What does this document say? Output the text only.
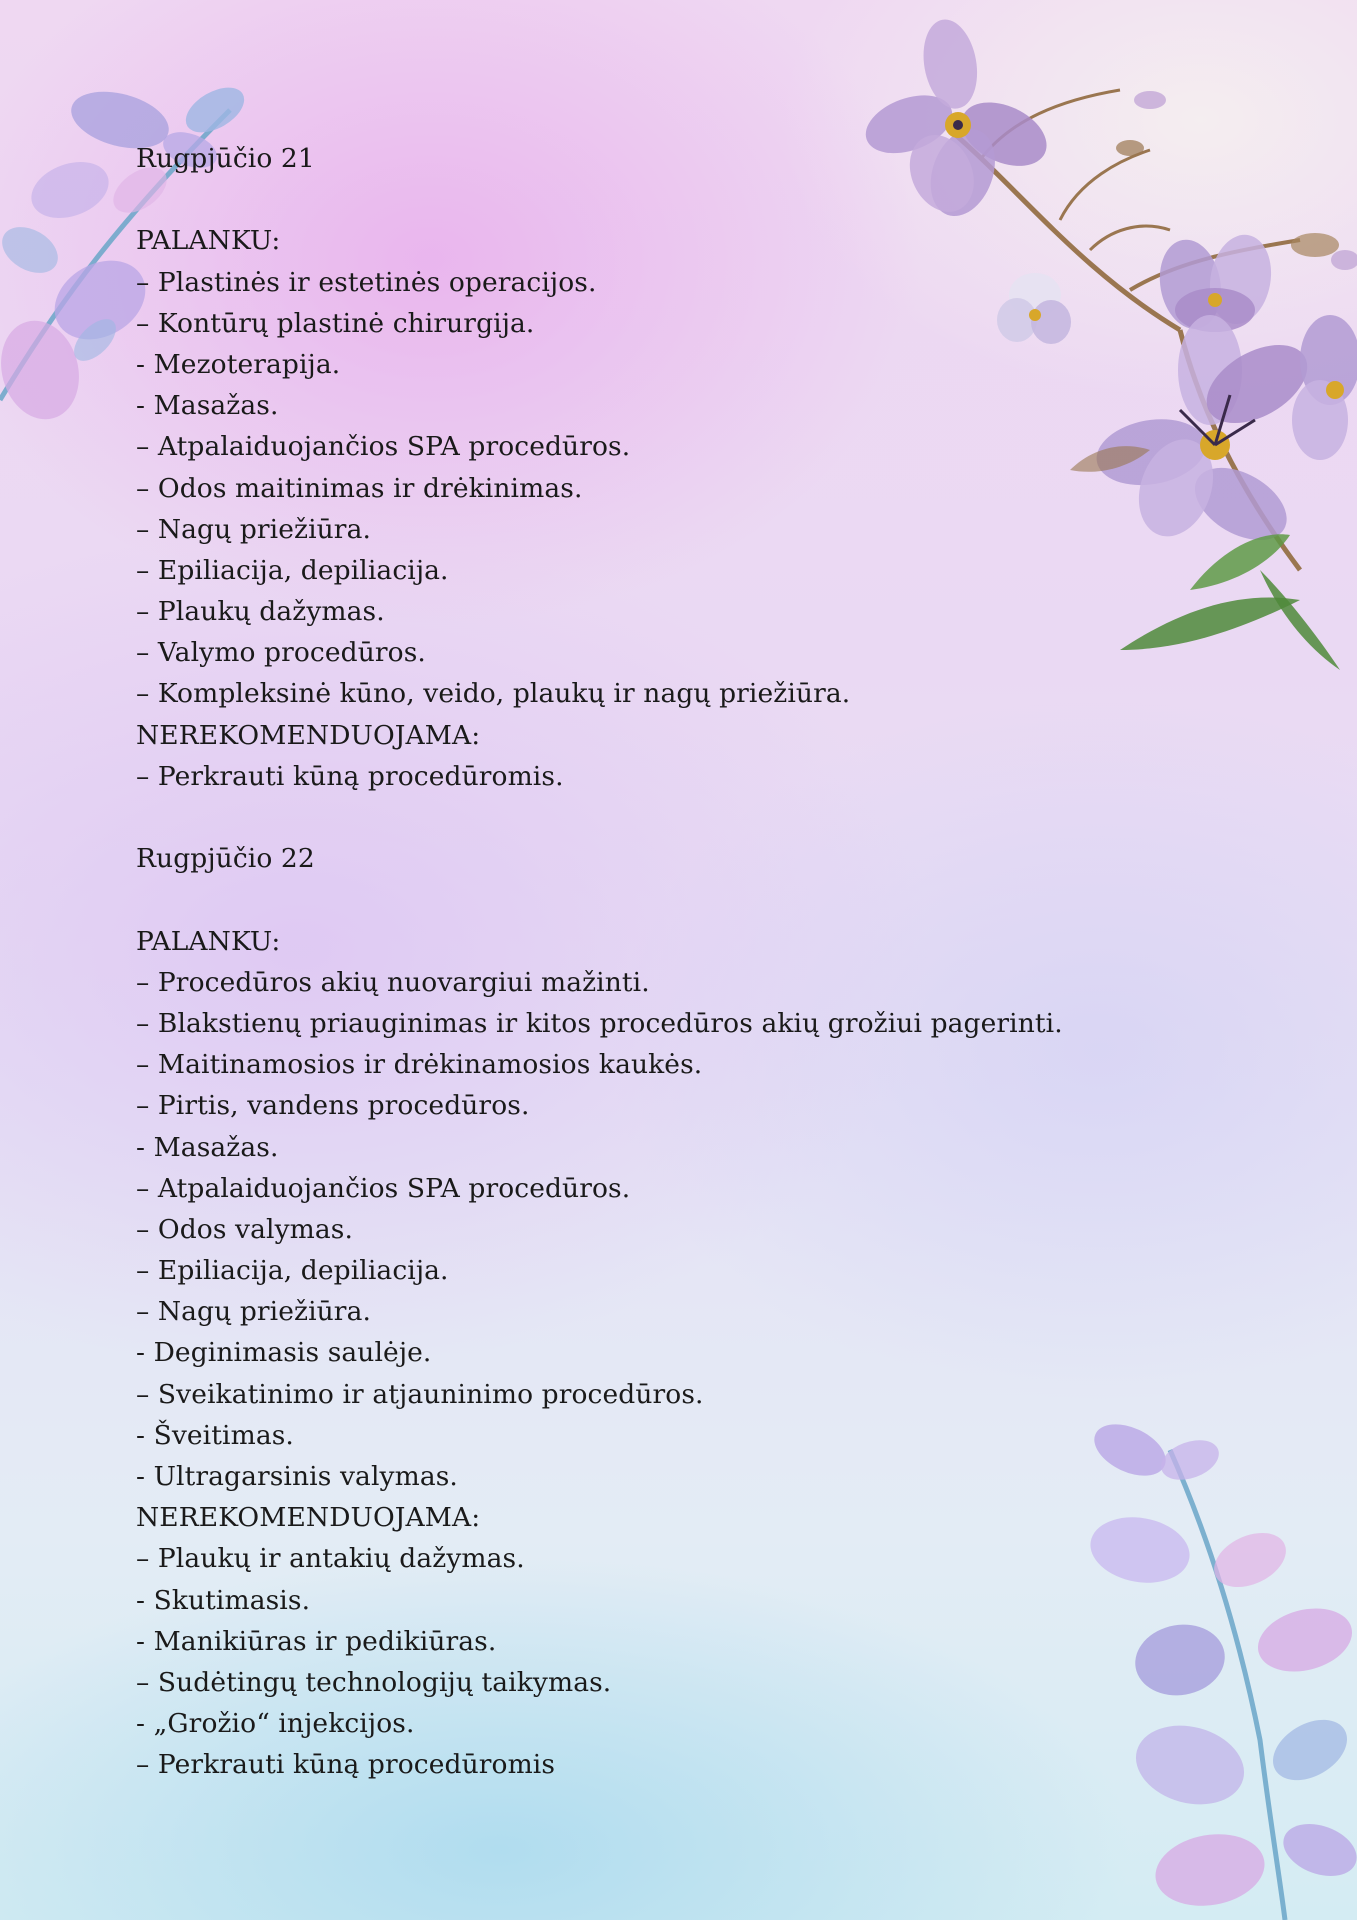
Rugpjūčio 21
PALANKU:
– Plastinės ir estetinės operacijos.
– Kontūrų plastinė chirurgija.
- Mezoterapija.
- Masažas.
– Atpalaiduojančios SPA procedūros.
– Odos maitinimas ir drėkinimas.
– Nagų priežiūra.
– Epiliacija, depiliacija.
– Plaukų dažymas.
– Valymo procedūros.
– Kompleksinė kūno, veido, plaukų ir nagų priežiūra.
NEREKOMENDUOJAMA:
– Perkrauti kūną procedūromis.
Rugpjūčio 22
PALANKU:
– Procedūros akių nuovargiui mažinti.
– Blakstienų priauginimas ir kitos procedūros akių grožiui pagerinti.
– Maitinamosios ir drėkinamosios kaukės.
– Pirtis, vandens procedūros.
- Masažas.
– Atpalaiduojančios SPA procedūros.
– Odos valymas.
– Epiliacija, depiliacija.
– Nagų priežiūra.
- Deginimasis saulėje.
– Sveikatinimo ir atjauninimo procedūros.
- Šveitimas.
- Ultragarsinis valymas.
NEREKOMENDUOJAMA:
– Plaukų ir antakių dažymas.
- Skutimasis.
- Manikiūras ir pedikiūras.
– Sudėtingų technologijų taikymas.
- „Grožio“ injekcijos.
– Perkrauti kūną procedūromis
